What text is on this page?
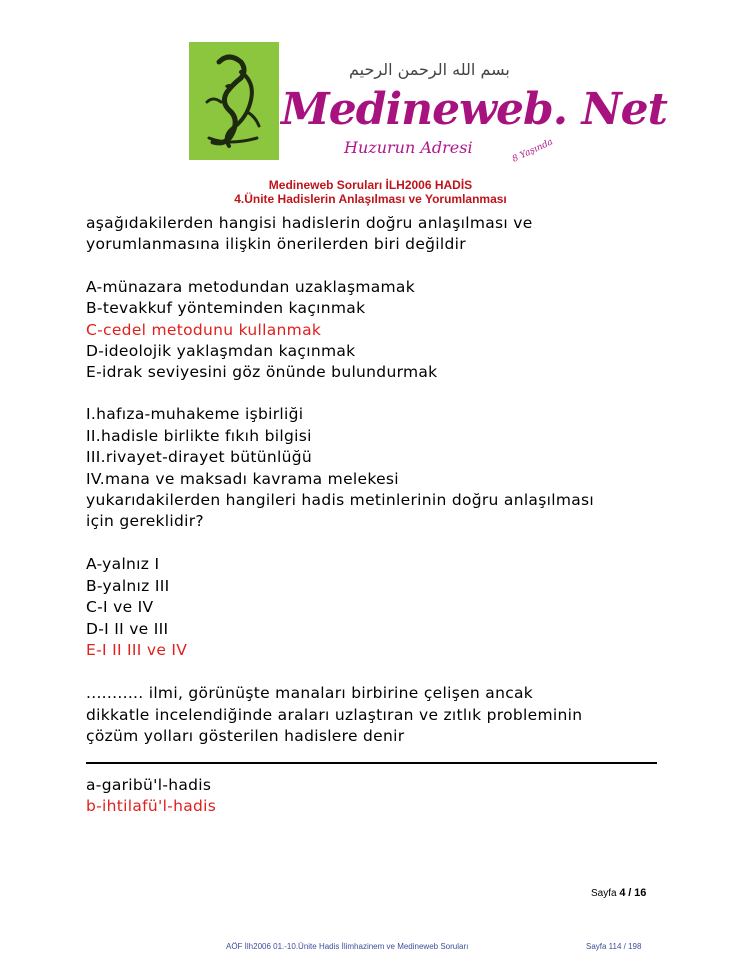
بسم الله الرحمن الرحيم
Medineweb. Net
Huzurun Adresi	8 Yaşında
Medineweb Soruları İLH2006 HADİS
4.Ünite Hadislerin Anlaşılması ve Yorumlanması
aşağıdakilerden hangisi hadislerin doğru anlaşılması ve
yorumlanmasına ilişkin önerilerden biri değildir
A-münazara metodundan uzaklaşmamak
B-tevakkuf yönteminden kaçınmak
C-cedel metodunu kullanmak
D-ideolojik yaklaşmdan kaçınmak
E-idrak seviyesini göz önünde bulundurmak
I.hafıza-muhakeme işbirliği
II.hadisle birlikte fıkıh bilgisi
III.rivayet-dirayet bütünlüğü
IV.mana ve maksadı kavrama melekesi
yukarıdakilerden hangileri hadis metinlerinin doğru anlaşılması
için gereklidir?
A-yalnız I
B-yalnız III
C-I ve IV
D-I II ve III
E-I II III ve IV
........... ilmi, görünüşte manaları birbirine çelişen ancak
dikkatle incelendiğinde araları uzlaştıran ve zıtlık probleminin
çözüm yolları gösterilen hadislere denir
a-garibü'l-hadis
b-ihtilafü'l-hadis
Sayfa 4 / 16
AÖF İlh2006 01.-10.Ünite Hadis İlimhazinem ve Medineweb Soruları	Sayfa 114 / 198
